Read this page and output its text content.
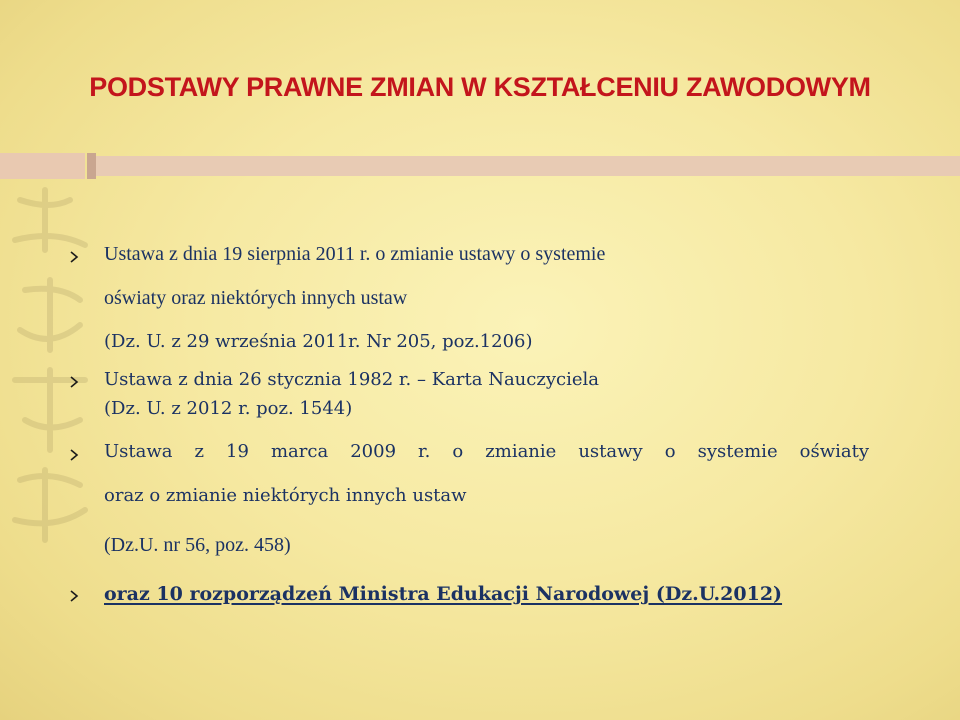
PODSTAWY PRAWNE ZMIAN W KSZTAŁCENIU ZAWODOWYM
Ustawa z dnia 19 sierpnia 2011 r. o zmianie ustawy o systemie
oświaty oraz niektórych innych ustaw
(Dz. U. z 29 września 2011r. Nr 205, poz.1206)
Ustawa z dnia 26 stycznia 1982 r. – Karta Nauczyciela
(Dz. U. z 2012 r. poz. 1544)
Ustawa z 19 marca 2009 r. o zmianie ustawy o systemie oświaty
oraz o zmianie niektórych innych ustaw
(Dz.U. nr 56, poz. 458)
oraz 10 rozporządzeń Ministra Edukacji Narodowej (Dz.U.2012)
